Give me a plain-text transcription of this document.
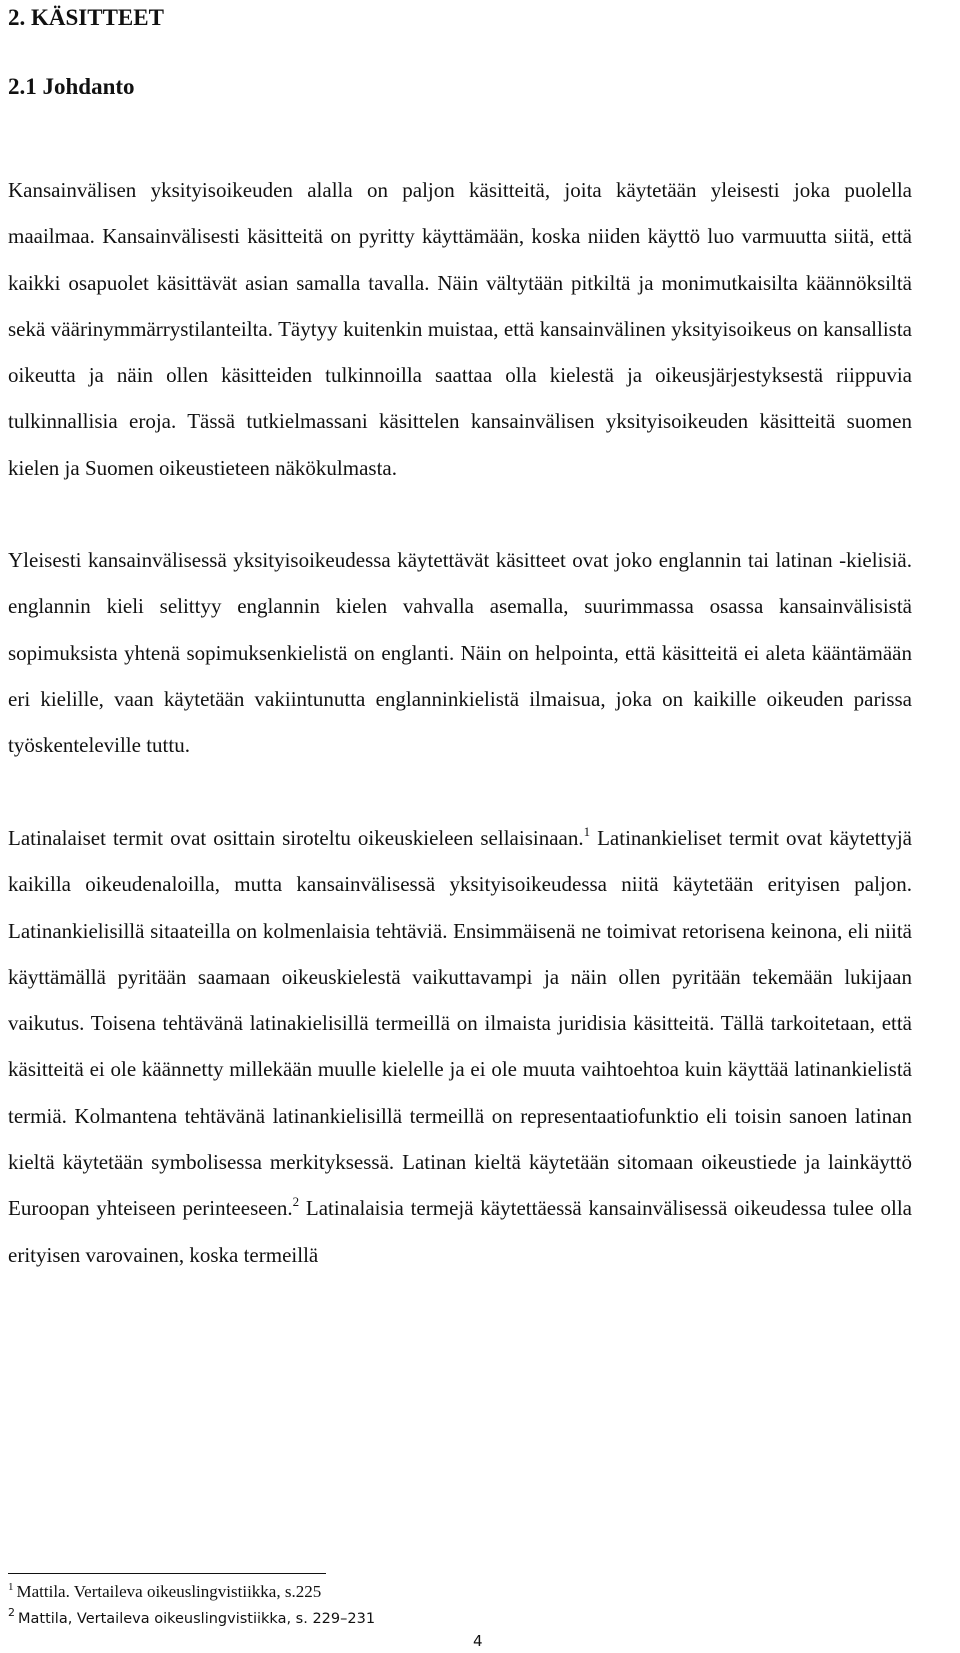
2. KÄSITTEET
2.1 Johdanto

Kansainvälisen yksityisoikeuden alalla on paljon käsitteitä, joita käytetään yleisesti joka puolella maailmaa. Kansainvälisesti käsitteitä on pyritty käyttämään, koska niiden käyttö luo varmuutta siitä, että kaikki osapuolet käsittävät asian samalla tavalla. Näin vältytään pitkiltä ja monimutkaisilta käännöksiltä sekä väärinymmärrystilanteilta. Täytyy kuitenkin muistaa, että kansainvälinen yksityisoikeus on kansallista oikeutta ja näin ollen käsitteiden tulkinnoilla saattaa olla kielestä ja oikeusjärjestyksestä riippuvia tulkinnallisia eroja. Tässä tutkielmassani käsittelen kansainvälisen yksityisoikeuden käsitteitä suomen kielen ja Suomen oikeustieteen näkökulmasta.

Yleisesti kansainvälisessä yksityisoikeudessa käytettävät käsitteet ovat joko englannin tai latinan -kielisiä. englannin kieli selittyy englannin kielen vahvalla asemalla, suurimmassa osassa kansainvälisistä sopimuksista yhtenä sopimuksenkielistä on englanti. Näin on helpointa, että käsitteitä ei aleta kääntämään eri kielille, vaan käytetään vakiintunutta englanninkielistä ilmaisua, joka on kaikille oikeuden parissa työskenteleville tuttu.

Latinalaiset termit ovat osittain siroteltu oikeuskieleen sellaisinaan.$^1$ Latinankieliset termit ovat käytettyjä kaikilla oikeudenaloilla, mutta kansainvälisessä yksityisoikeudessa niitä käytetään erityisen paljon. Latinankielisillä sitaateilla on kolmenlaisia tehtäviä. Ensimmäisenä ne toimivat retorisena keinona, eli niitä käyttämällä pyritään saamaan oikeuskielestä vaikuttavampi ja näin ollen pyritään tekemään lukijaan vaikutus. Toisena tehtävänä latinakielisillä termeillä on ilmaista juridisia käsitteitä. Tällä tarkoitetaan, että käsitteitä ei ole käännetty millekään muulle kielelle ja ei ole muuta vaihtoehtoa kuin käyttää latinankielistä termiä. Kolmantena tehtävänä latinankielisillä termeillä on representaatiofunktio eli toisin sanoen latinan kieltä käytetään symbolisessa merkityksessä. Latinan kieltä käytetään sitomaan oikeustiede ja lainkäyttö Euroopan yhteiseen perinteeseen.$^2$ Latinalaisia termejä käytettäessä kansainvälisessä oikeudessa tulee olla erityisen varovainen, koska termeillä

$^1$ Mattila. Vertaileva oikeuslingvistiikka, s.225

$^2$ Mattila, Vertaileva oikeuslingvistiikka, s. 229–231

4
